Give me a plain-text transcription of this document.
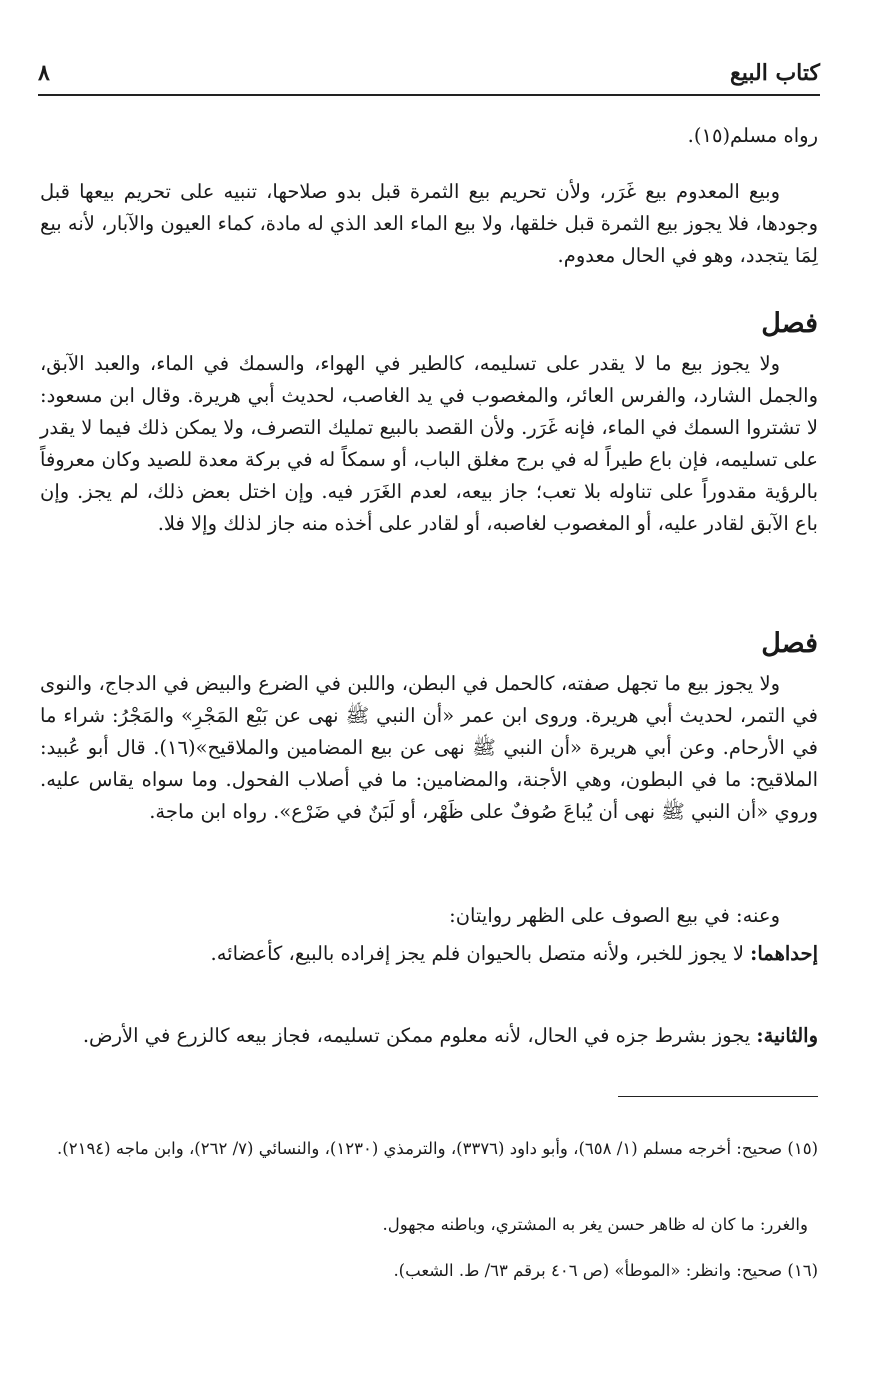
كتاب البيع
٨

رواه مسلم(١٥).

وبيع المعدوم بيع غَرَر، ولأن تحريم بيع الثمرة قبل بدو صلاحها، تنبيه على تحريم بيعها قبل وجودها، فلا يجوز بيع الثمرة قبل خلقها، ولا بيع الماء العد الذي له مادة، كماء العيون والآبار، لأنه بيع لِمَا يتجدد، وهو في الحال معدوم.

فصل

ولا يجوز بيع ما لا يقدر على تسليمه، كالطير في الهواء، والسمك في الماء، والعبد الآبق، والجمل الشارد، والفرس العائر، والمغصوب في يد الغاصب، لحديث أبي هريرة. وقال ابن مسعود: لا تشتروا السمك في الماء، فإنه غَرَر. ولأن القصد بالبيع تمليك التصرف، ولا يمكن ذلك فيما لا يقدر على تسليمه، فإن باع طيراً له في برج مغلق الباب، أو سمكاً له في بركة معدة للصيد وكان معروفاً بالرؤية مقدوراً على تناوله بلا تعب؛ جاز بيعه، لعدم الغَرَر فيه. وإن اختل بعض ذلك، لم يجز. وإن باع الآبق لقادر عليه، أو المغصوب لغاصبه، أو لقادر على أخذه منه جاز لذلك وإلا فلا.

فصل

ولا يجوز بيع ما تجهل صفته، كالحمل في البطن، واللبن في الضرع والبيض في الدجاج، والنوى في التمر، لحديث أبي هريرة. وروى ابن عمر «أن النبي ﷺ نهى عن بَيْع المَجْرِ» والمَجْرُ: شراء ما في الأرحام. وعن أبي هريرة «أن النبي ﷺ نهى عن بيع المضامين والملاقيح»(١٦). قال أبو عُبيد: الملاقيح: ما في البطون، وهي الأجنة، والمضامين: ما في أصلاب الفحول. وما سواه يقاس عليه. وروي «أن النبي ﷺ نهى أن يُباعَ صُوفٌ على ظَهْر، أو لَبَنٌ في ضَرْع». رواه ابن ماجة.

وعنه: في بيع الصوف على الظهر روايتان:

إحداهما: لا يجوز للخبر، ولأنه متصل بالحيوان فلم يجز إفراده بالبيع، كأعضائه.

والثانية: يجوز بشرط جزه في الحال، لأنه معلوم ممكن تسليمه، فجاز بيعه كالزرع في الأرض.

(١٥) صحيح: أخرجه مسلم (١/ ٦٥٨)، وأبو داود (٣٣٧٦)، والترمذي (١٢٣٠)، والنسائي (٧/ ٢٦٢)، وابن ماجه (٢١٩٤).

والغرر: ما كان له ظاهر حسن يغر به المشتري، وباطنه مجهول.

(١٦) صحيح: وانظر: «الموطأ» (ص ٤٠٦ برقم ٦٣/ ط. الشعب).
